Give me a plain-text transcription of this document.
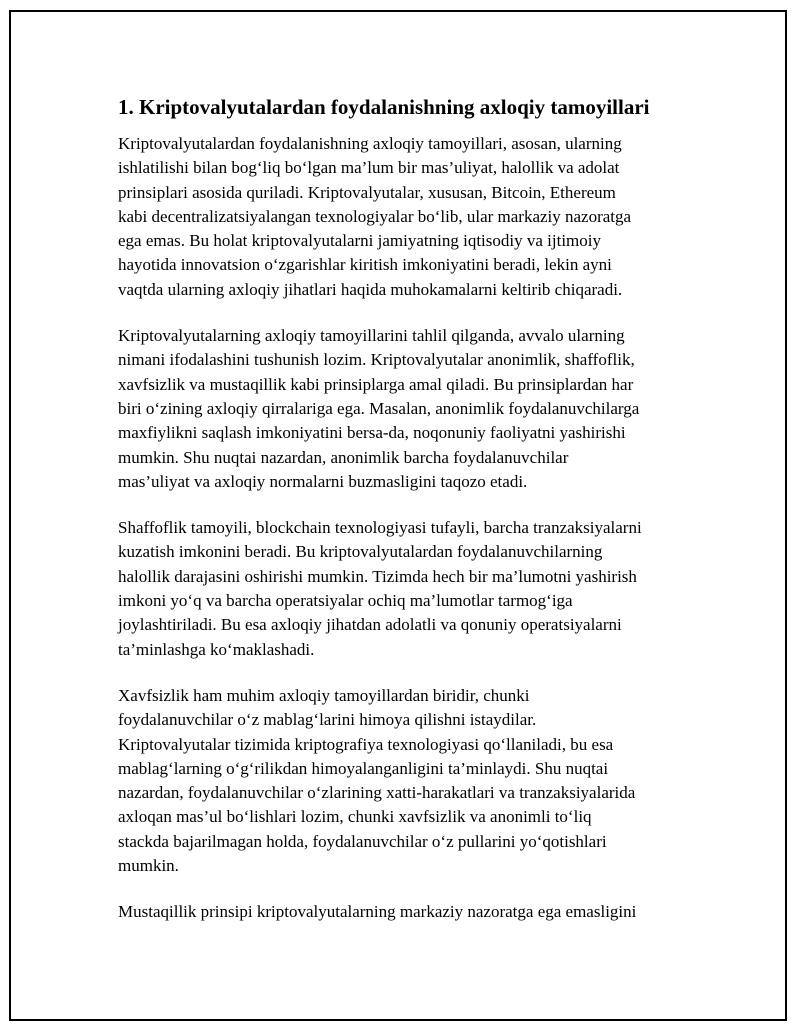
1. Kriptovalyutalardan foydalanishning axloqiy tamoyillari
Kriptovalyutalardan foydalanishning axloqiy tamoyillari, asosan, ularning
ishlatilishi bilan bog‘liq bo‘lgan ma’lum bir mas’uliyat, halollik va adolat
prinsiplari asosida quriladi. Kriptovalyutalar, xususan, Bitcoin, Ethereum
kabi decentralizatsiyalangan texnologiyalar bo‘lib, ular markaziy nazoratga
ega emas. Bu holat kriptovalyutalarni jamiyatning iqtisodiy va ijtimoiy
hayotida innovatsion o‘zgarishlar kiritish imkoniyatini beradi, lekin ayni
vaqtda ularning axloqiy jihatlari haqida muhokamalarni keltirib chiqaradi.
Kriptovalyutalarning axloqiy tamoyillarini tahlil qilganda, avvalo ularning
nimani ifodalashini tushunish lozim. Kriptovalyutalar anonimlik, shaffoflik,
xavfsizlik va mustaqillik kabi prinsiplarga amal qiladi. Bu prinsiplardan har
biri o‘zining axloqiy qirralariga ega. Masalan, anonimlik foydalanuvchilarga
maxfiylikni saqlash imkoniyatini bersa-da, noqonuniy faoliyatni yashirishi
mumkin. Shu nuqtai nazardan, anonimlik barcha foydalanuvchilar
mas’uliyat va axloqiy normalarni buzmasligini taqozo etadi.
Shaffoflik tamoyili, blockchain texnologiyasi tufayli, barcha tranzaksiyalarni
kuzatish imkonini beradi. Bu kriptovalyutalardan foydalanuvchilarning
halollik darajasini oshirishi mumkin. Tizimda hech bir ma’lumotni yashirish
imkoni yo‘q va barcha operatsiyalar ochiq ma’lumotlar tarmog‘iga
joylashtiriladi. Bu esa axloqiy jihatdan adolatli va qonuniy operatsiyalarni
ta’minlashga ko‘maklashadi.
Xavfsizlik ham muhim axloqiy tamoyillardan biridir, chunki
foydalanuvchilar o‘z mablag‘larini himoya qilishni istaydilar.
Kriptovalyutalar tizimida kriptografiya texnologiyasi qo‘llaniladi, bu esa
mablag‘larning o‘g‘rilikdan himoyalanganligini ta’minlaydi. Shu nuqtai
nazardan, foydalanuvchilar o‘zlarining xatti-harakatlari va tranzaksiyalarida
axloqan mas’ul bo‘lishlari lozim, chunki xavfsizlik va anonimli to‘liq
stackda bajarilmagan holda, foydalanuvchilar o‘z pullarini yo‘qotishlari
mumkin.
Mustaqillik prinsipi kriptovalyutalarning markaziy nazoratga ega emasligini
